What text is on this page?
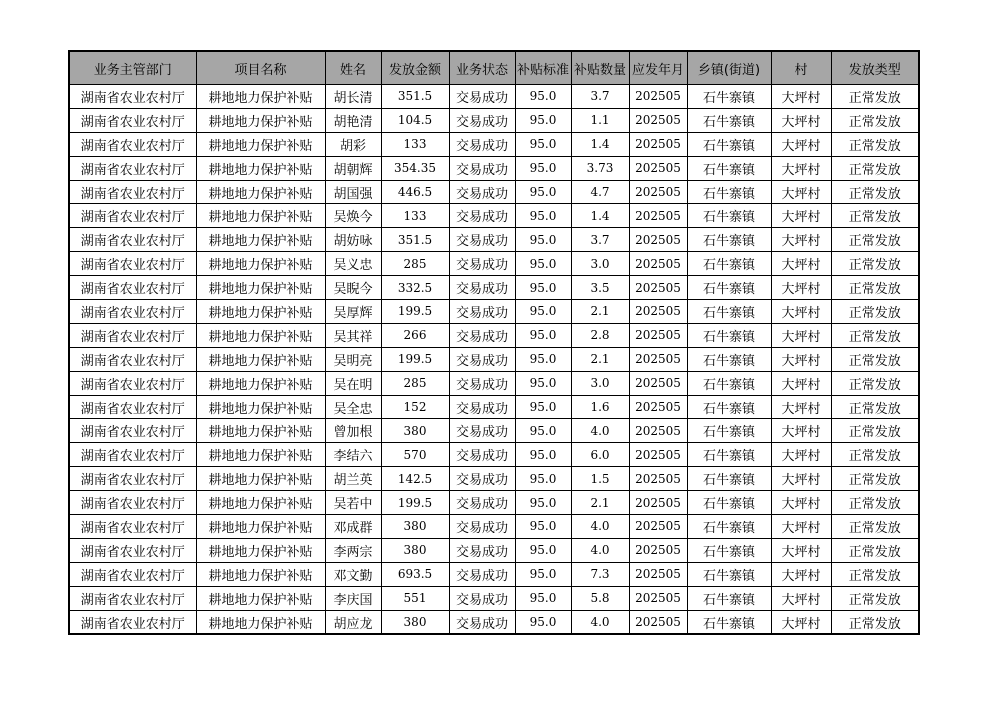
业务主管部门	项目名称	姓名	发放金额	业务状态	补贴标准	补贴数量	应发年月	乡镇(街道)	村	发放类型
湖南省农业农村厅	耕地地力保护补贴	胡长清	351.5	交易成功	95.0	3.7	202505	石牛寨镇	大坪村	正常发放
湖南省农业农村厅	耕地地力保护补贴	胡艳清	104.5	交易成功	95.0	1.1	202505	石牛寨镇	大坪村	正常发放
湖南省农业农村厅	耕地地力保护补贴	胡彩	133	交易成功	95.0	1.4	202505	石牛寨镇	大坪村	正常发放
湖南省农业农村厅	耕地地力保护补贴	胡朝辉	354.35	交易成功	95.0	3.73	202505	石牛寨镇	大坪村	正常发放
湖南省农业农村厅	耕地地力保护补贴	胡国强	446.5	交易成功	95.0	4.7	202505	石牛寨镇	大坪村	正常发放
湖南省农业农村厅	耕地地力保护补贴	吴焕今	133	交易成功	95.0	1.4	202505	石牛寨镇	大坪村	正常发放
湖南省农业农村厅	耕地地力保护补贴	胡妨咏	351.5	交易成功	95.0	3.7	202505	石牛寨镇	大坪村	正常发放
湖南省农业农村厅	耕地地力保护补贴	吴义忠	285	交易成功	95.0	3.0	202505	石牛寨镇	大坪村	正常发放
湖南省农业农村厅	耕地地力保护补贴	吴睨今	332.5	交易成功	95.0	3.5	202505	石牛寨镇	大坪村	正常发放
湖南省农业农村厅	耕地地力保护补贴	吴厚辉	199.5	交易成功	95.0	2.1	202505	石牛寨镇	大坪村	正常发放
湖南省农业农村厅	耕地地力保护补贴	吴其祥	266	交易成功	95.0	2.8	202505	石牛寨镇	大坪村	正常发放
湖南省农业农村厅	耕地地力保护补贴	吴明亮	199.5	交易成功	95.0	2.1	202505	石牛寨镇	大坪村	正常发放
湖南省农业农村厅	耕地地力保护补贴	吴在明	285	交易成功	95.0	3.0	202505	石牛寨镇	大坪村	正常发放
湖南省农业农村厅	耕地地力保护补贴	吴全忠	152	交易成功	95.0	1.6	202505	石牛寨镇	大坪村	正常发放
湖南省农业农村厅	耕地地力保护补贴	曾加根	380	交易成功	95.0	4.0	202505	石牛寨镇	大坪村	正常发放
湖南省农业农村厅	耕地地力保护补贴	李结六	570	交易成功	95.0	6.0	202505	石牛寨镇	大坪村	正常发放
湖南省农业农村厅	耕地地力保护补贴	胡兰英	142.5	交易成功	95.0	1.5	202505	石牛寨镇	大坪村	正常发放
湖南省农业农村厅	耕地地力保护补贴	吴若中	199.5	交易成功	95.0	2.1	202505	石牛寨镇	大坪村	正常发放
湖南省农业农村厅	耕地地力保护补贴	邓成群	380	交易成功	95.0	4.0	202505	石牛寨镇	大坪村	正常发放
湖南省农业农村厅	耕地地力保护补贴	李两宗	380	交易成功	95.0	4.0	202505	石牛寨镇	大坪村	正常发放
湖南省农业农村厅	耕地地力保护补贴	邓文勤	693.5	交易成功	95.0	7.3	202505	石牛寨镇	大坪村	正常发放
湖南省农业农村厅	耕地地力保护补贴	李庆国	551	交易成功	95.0	5.8	202505	石牛寨镇	大坪村	正常发放
湖南省农业农村厅	耕地地力保护补贴	胡应龙	380	交易成功	95.0	4.0	202505	石牛寨镇	大坪村	正常发放
